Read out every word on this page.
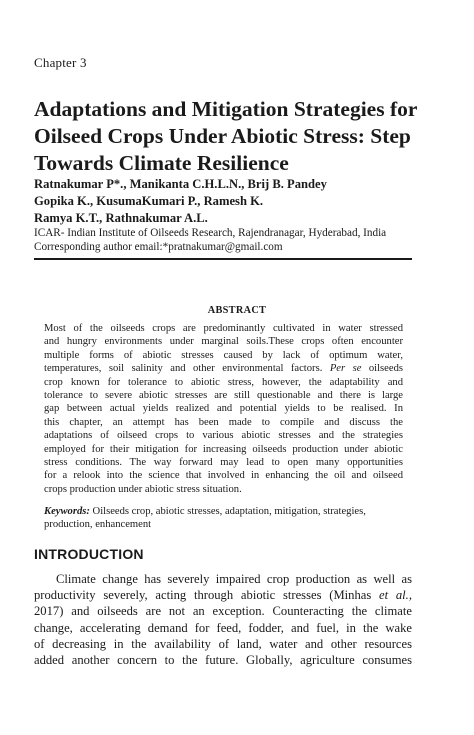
Chapter 3
Adaptations and Mitigation Strategies for
Oilseed Crops Under Abiotic Stress: Step
Towards Climate Resilience
Ratnakumar P*., Manikanta C.H.L.N., Brij B. Pandey
Gopika K., KusumaKumari P., Ramesh K.
Ramya K.T., Rathnakumar A.L.
ICAR- Indian Institute of Oilseeds Research, Rajendranagar, Hyderabad, India
Corresponding author email:*pratnakumar@gmail.com
ABSTRACT
Most of the oilseeds crops are predominantly cultivated in water stressed
and hungry environments under marginal soils.These crops often encounter
multiple forms of abiotic stresses caused by lack of optimum water,
temperatures, soil salinity and other environmental factors. Per se oilseeds
crop known for tolerance to abiotic stress, however, the adaptability and
tolerance to severe abiotic stresses are still questionable and there is large
gap between actual yields realized and potential yields to be realised. In
this chapter, an attempt has been made to compile and discuss the
adaptations of oilseed crops to various abiotic stresses and the strategies
employed for their mitigation for increasing oilseeds production under abiotic
stress conditions. The way forward may lead to open many opportunities
for a relook into the science that involved in enhancing the oil and oilseed
crops production under abiotic stress situation.
Keywords: Oilseeds crop, abiotic stresses, adaptation, mitigation, strategies,
production, enhancement
INTRODUCTION
Climate change has severely impaired crop production as well as
productivity severely, acting through abiotic stresses (Minhas et al.,
2017) and oilseeds are not an exception. Counteracting the climate
change, accelerating demand for feed, fodder, and fuel, in the wake
of decreasing in the availability of land, water and other resources
added another concern to the future. Globally, agriculture consumes
